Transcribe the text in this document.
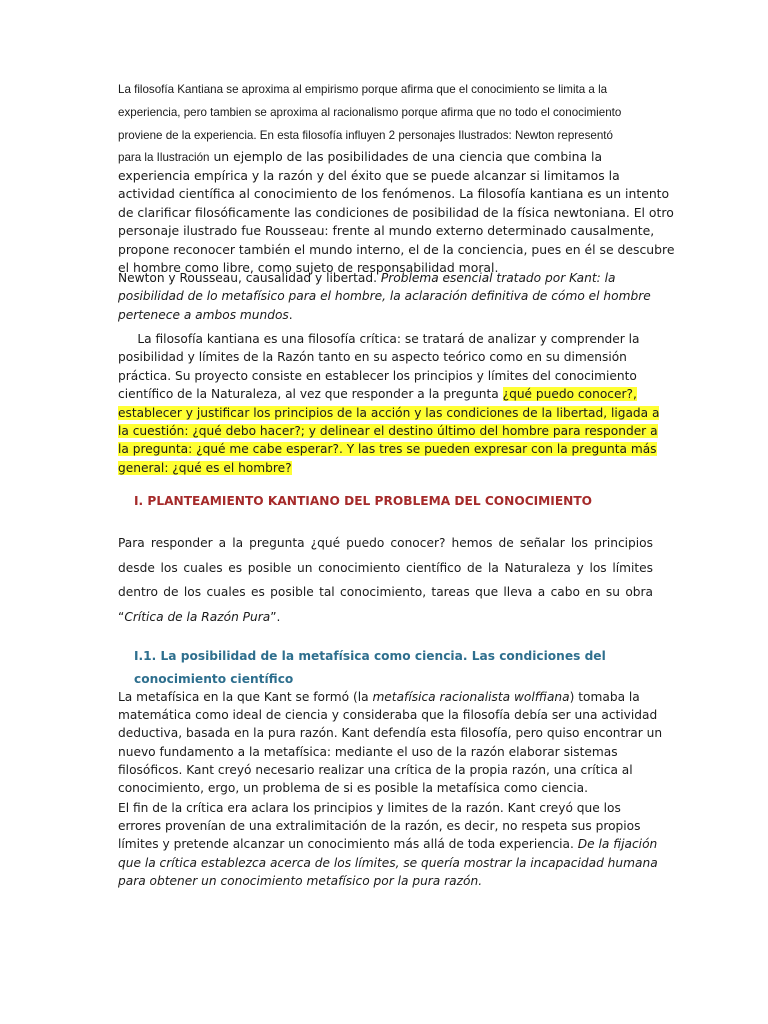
La filosofía Kantiana se aproxima al empirismo porque afirma que el conocimiento se limita a la
experiencia, pero tambien se aproxima al racionalismo porque afirma que no todo el conocimiento
proviene de la experiencia. En esta filosofía influyen 2 personajes Ilustrados: Newton representó
para la Ilustración un ejemplo de las posibilidades de una ciencia que combina la
experiencia empírica y la razón y del éxito que se puede alcanzar si limitamos la
actividad científica al conocimiento de los fenómenos. La filosofía kantiana es un intento
de clarificar filosóficamente las condiciones de posibilidad de la física newtoniana. El otro
personaje ilustrado fue Rousseau: frente al mundo externo determinado causalmente,
propone reconocer también el mundo interno, el de la conciencia, pues en él se descubre
el hombre como libre, como sujeto de responsabilidad moral.

Newton y Rousseau, causalidad y libertad. Problema esencial tratado por Kant: la
posibilidad de lo metafísico para el hombre, la aclaración definitiva de cómo el hombre
pertenece a ambos mundos.

La filosofía kantiana es una filosofía crítica: se tratará de analizar y comprender la
posibilidad y límites de la Razón tanto en su aspecto teórico como en su dimensión
práctica. Su proyecto consiste en establecer los principios y límites del conocimiento
científico de la Naturaleza, al vez que responder a la pregunta ¿qué puedo conocer?,
establecer y justificar los principios de la acción y las condiciones de la libertad, ligada a
la cuestión: ¿qué debo hacer?; y delinear el destino último del hombre para responder a
la pregunta: ¿qué me cabe esperar?. Y las tres se pueden expresar con la pregunta más
general: ¿qué es el hombre?

I. PLANTEAMIENTO KANTIANO DEL PROBLEMA DEL CONOCIMIENTO

Para responder a la pregunta ¿qué puedo conocer? hemos de señalar los principios
desde los cuales es posible un conocimiento científico de la Naturaleza y los límites
dentro de los cuales es posible tal conocimiento, tareas que lleva a cabo en su obra
“Crítica de la Razón Pura”.

I.1. La posibilidad de la metafísica como ciencia. Las condiciones del
conocimiento científico

La metafísica en la que Kant se formó (la metafísica racionalista wolffiana) tomaba la
matemática como ideal de ciencia y consideraba que la filosofía debía ser una actividad
deductiva, basada en la pura razón. Kant defendía esta filosofía, pero quiso encontrar un
nuevo fundamento a la metafísica: mediante el uso de la razón elaborar sistemas
filosóficos. Kant creyó necesario realizar una crítica de la propia razón, una crítica al
conocimiento, ergo, un problema de si es posible la metafísica como ciencia.

El fin de la crítica era aclara los principios y limites de la razón. Kant creyó que los
errores provenían de una extralimitación de la razón, es decir, no respeta sus propios
límites y pretende alcanzar un conocimiento más allá de toda experiencia. De la fijación
que la crítica establezca acerca de los límites, se quería mostrar la incapacidad humana
para obtener un conocimiento metafísico por la pura razón.
